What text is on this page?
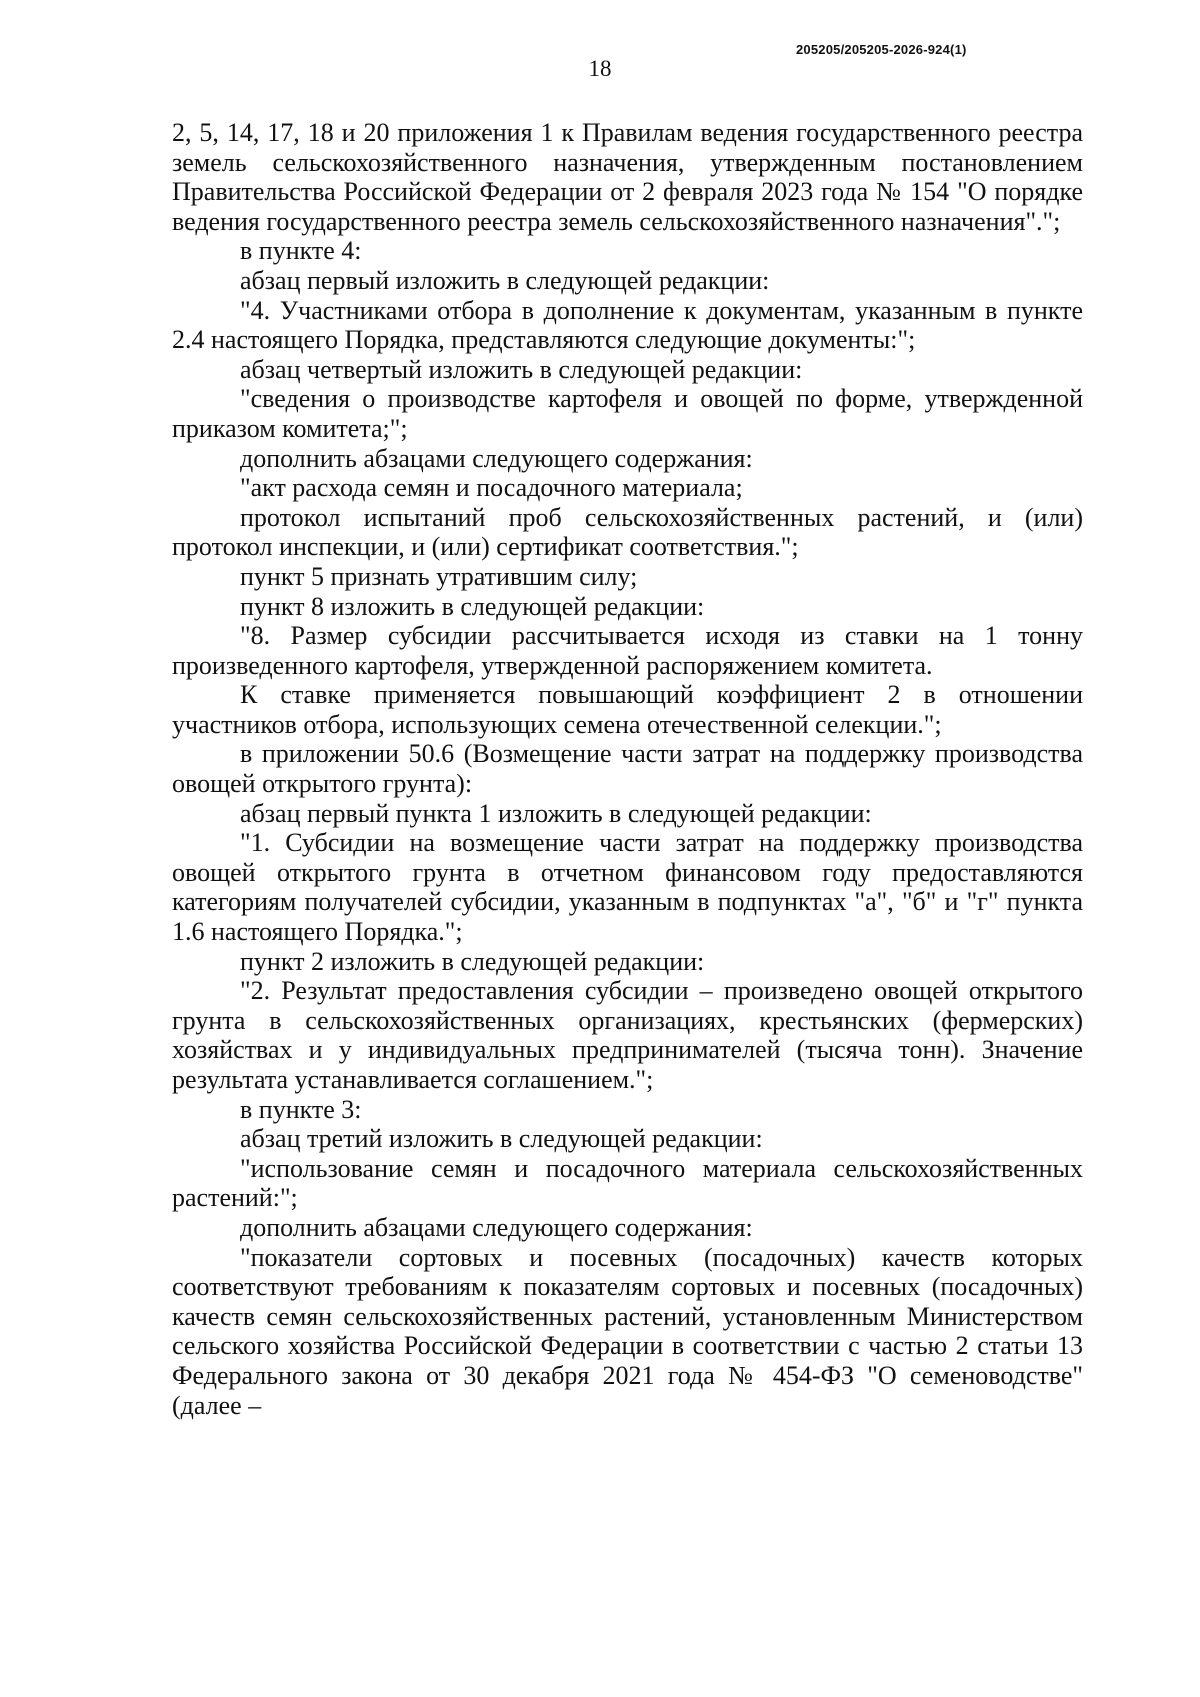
18
205205/205205-2026-924(1)

2, 5, 14, 17, 18 и 20 приложения 1 к Правилам ведения государственного реестра земель сельскохозяйственного назначения, утвержденным постановлением Правительства Российской Федерации от 2 февраля 2023 года № 154 "О порядке ведения государственного реестра земель сельскохозяйственного назначения".";

в пункте 4:

абзац первый изложить в следующей редакции:

"4. Участниками отбора в дополнение к документам, указанным в пункте 2.4 настоящего Порядка, представляются следующие документы:";

абзац четвертый изложить в следующей редакции:

"сведения о производстве картофеля и овощей по форме, утвержденной приказом комитета;";

дополнить абзацами следующего содержания:

"акт расхода семян и посадочного материала;

протокол испытаний проб сельскохозяйственных растений, и (или) протокол инспекции, и (или) сертификат соответствия.";

пункт 5 признать утратившим силу;

пункт 8 изложить в следующей редакции:

"8. Размер субсидии рассчитывается исходя из ставки на 1 тонну произведенного картофеля, утвержденной распоряжением комитета.

К ставке применяется повышающий коэффициент 2 в отношении участников отбора, использующих семена отечественной селекции.";

в приложении 50.6 (Возмещение части затрат на поддержку производства овощей открытого грунта):

абзац первый пункта 1 изложить в следующей редакции:

"1. Субсидии на возмещение части затрат на поддержку производства овощей открытого грунта в отчетном финансовом году предоставляются категориям получателей субсидии, указанным в подпунктах "а", "б" и "г" пункта 1.6 настоящего Порядка.";

пункт 2 изложить в следующей редакции:

"2. Результат предоставления субсидии – произведено овощей открытого грунта в сельскохозяйственных организациях, крестьянских (фермерских) хозяйствах и у индивидуальных предпринимателей (тысяча тонн). Значение результата устанавливается соглашением.";

в пункте 3:

абзац третий изложить в следующей редакции:

"использование семян и посадочного материала сельскохозяйственных растений:";

дополнить абзацами следующего содержания:

"показатели сортовых и посевных (посадочных) качеств которых соответствуют требованиям к показателям сортовых и посевных (посадочных) качеств семян сельскохозяйственных растений, установленным Министерством сельского хозяйства Российской Федерации в соответствии с частью 2 статьи 13 Федерального закона от 30 декабря 2021 года № 454-ФЗ "О семеноводстве" (далее –
